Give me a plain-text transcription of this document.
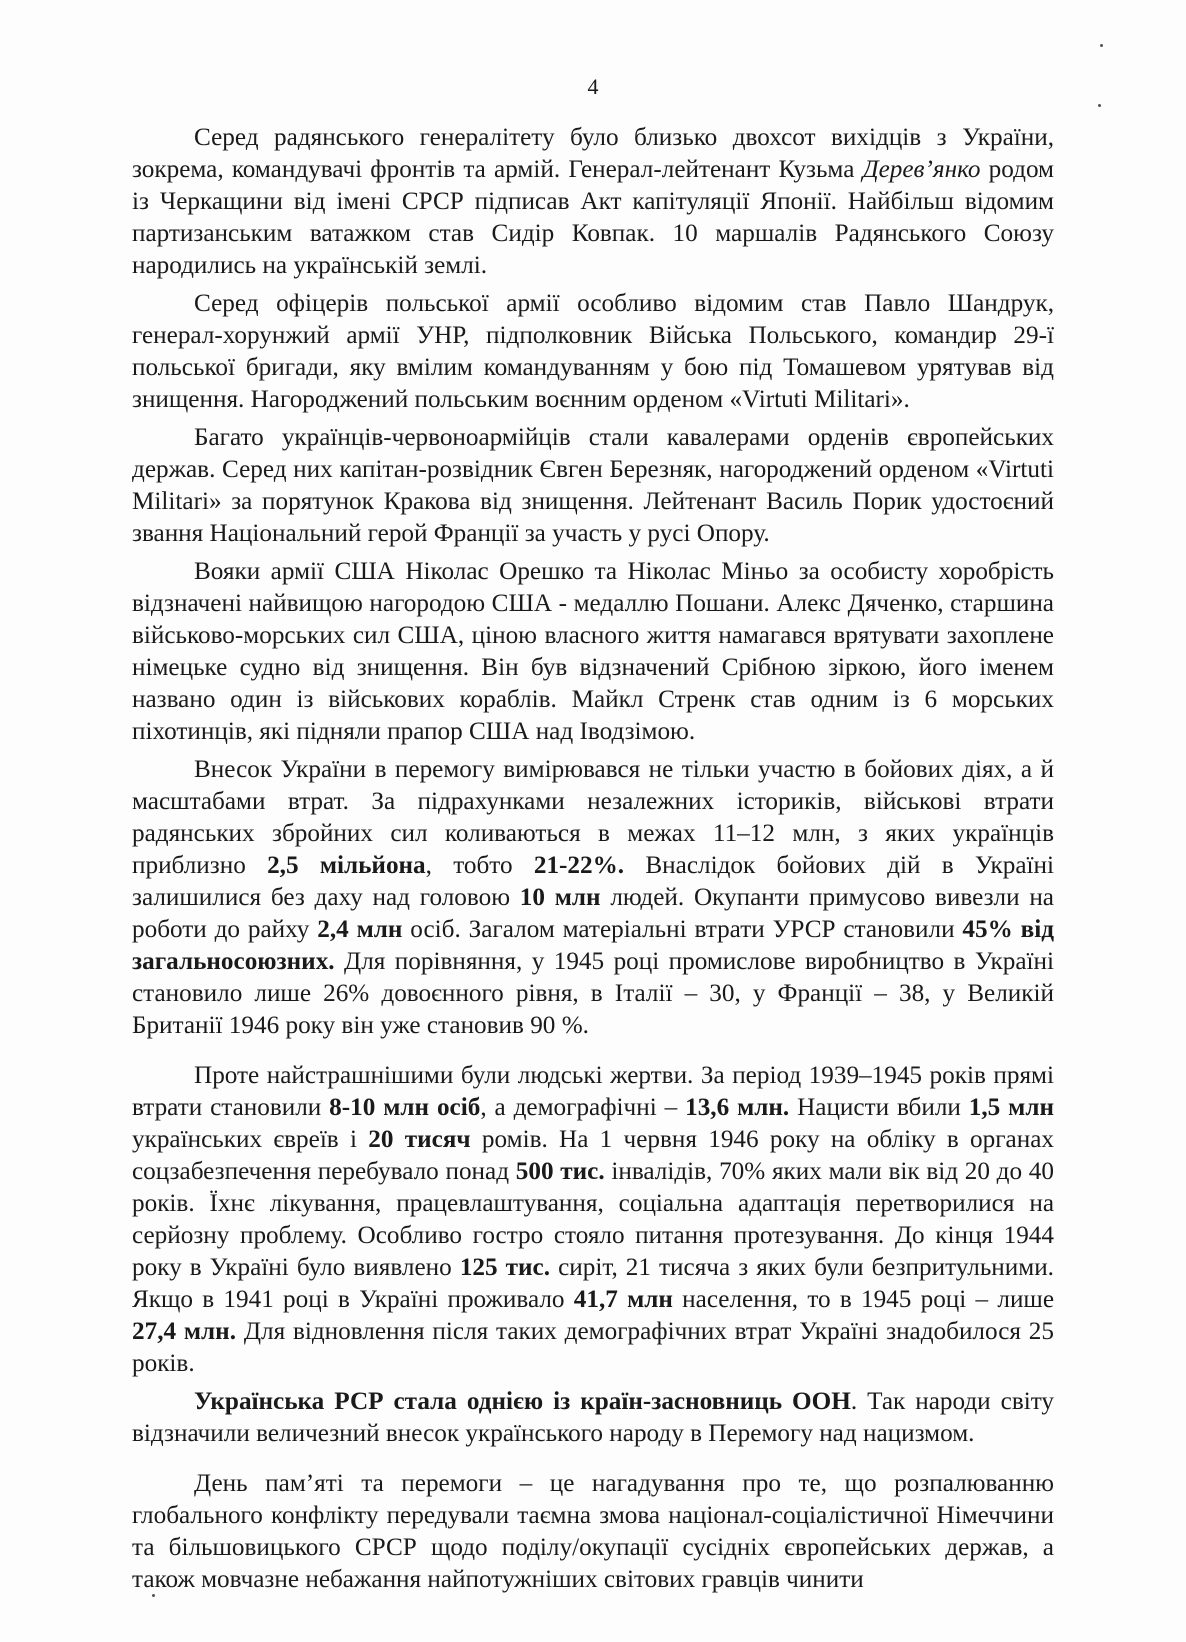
4

Серед радянського генералітету було близько двохсот вихідців з України, зокрема, командувачі фронтів та армій. Генерал-лейтенант Кузьма Дерев’янко родом із Черкащини від імені СРСР підписав Акт капітуляції Японії. Найбільш відомим партизанським ватажком став Сидір Ковпак. 10 маршалів Радянського Союзу народились на українській землі.

Серед офіцерів польської армії особливо відомим став Павло Шандрук, генерал-хорунжий армії УНР, підполковник Війська Польського, командир 29-ї польської бригади, яку вмілим командуванням у бою під Томашевом урятував від знищення. Нагороджений польським воєнним орденом «Virtuti Militari».

Багато українців-червоноармійців стали кавалерами орденів європейських держав. Серед них капітан-розвідник Євген Березняк, нагороджений орденом «Virtuti Militari» за порятунок Кракова від знищення. Лейтенант Василь Порик удостоєний звання Національний герой Франції за участь у русі Опору.

Вояки армії США Ніколас Орешко та Ніколас Міньо за особисту хоробрість відзначені найвищою нагородою США - медаллю Пошани. Алекс Дяченко, старшина військово-морських сил США, ціною власного життя намагався врятувати захоплене німецьке судно від знищення. Він був відзначений Срібною зіркою, його іменем названо один із військових кораблів. Майкл Стренк став одним із 6 морських піхотинців, які підняли прапор США над Іводзімою.

Внесок України в перемогу вимірювався не тільки участю в бойових діях, а й масштабами втрат. За підрахунками незалежних істориків, військові втрати радянських збройних сил коливаються в межах 11–12 млн, з яких українців приблизно 2,5 мільйона, тобто 21-22%. Внаслідок бойових дій в Україні залишилися без даху над головою 10 млн людей. Окупанти примусово вивезли на роботи до райху 2,4 млн осіб. Загалом матеріальні втрати УРСР становили 45% від загальносоюзних. Для порівняння, у 1945 році промислове виробництво в Україні становило лише 26% довоєнного рівня, в Італії – 30, у Франції – 38, у Великій Британії 1946 року він уже становив 90 %.

Проте найстрашнішими були людські жертви. За період 1939–1945 років прямі втрати становили 8-10 млн осіб, а демографічні – 13,6 млн. Нацисти вбили 1,5 млн українських євреїв і 20 тисяч ромів. На 1 червня 1946 року на обліку в органах соцзабезпечення перебувало понад 500 тис. інвалідів, 70% яких мали вік від 20 до 40 років. Їхнє лікування, працевлаштування, соціальна адаптація перетворилися на серйозну проблему. Особливо гостро стояло питання протезування. До кінця 1944 року в Україні було виявлено 125 тис. сиріт, 21 тисяча з яких були безпритульними. Якщо в 1941 році в Україні проживало 41,7 млн населення, то в 1945 році – лише 27,4 млн. Для відновлення після таких демографічних втрат Україні знадобилося 25 років.

Українська РСР стала однією із країн-засновниць ООН. Так народи світу відзначили величезний внесок українського народу в Перемогу над нацизмом.

День пам’яті та перемоги – це нагадування про те, що розпалюванню глобального конфлікту передували таємна змова націонал-соціалістичної Німеччини та більшовицького СРСР щодо поділу/окупації сусідніх європейських держав, а також мовчазне небажання найпотужніших світових гравців чинити
